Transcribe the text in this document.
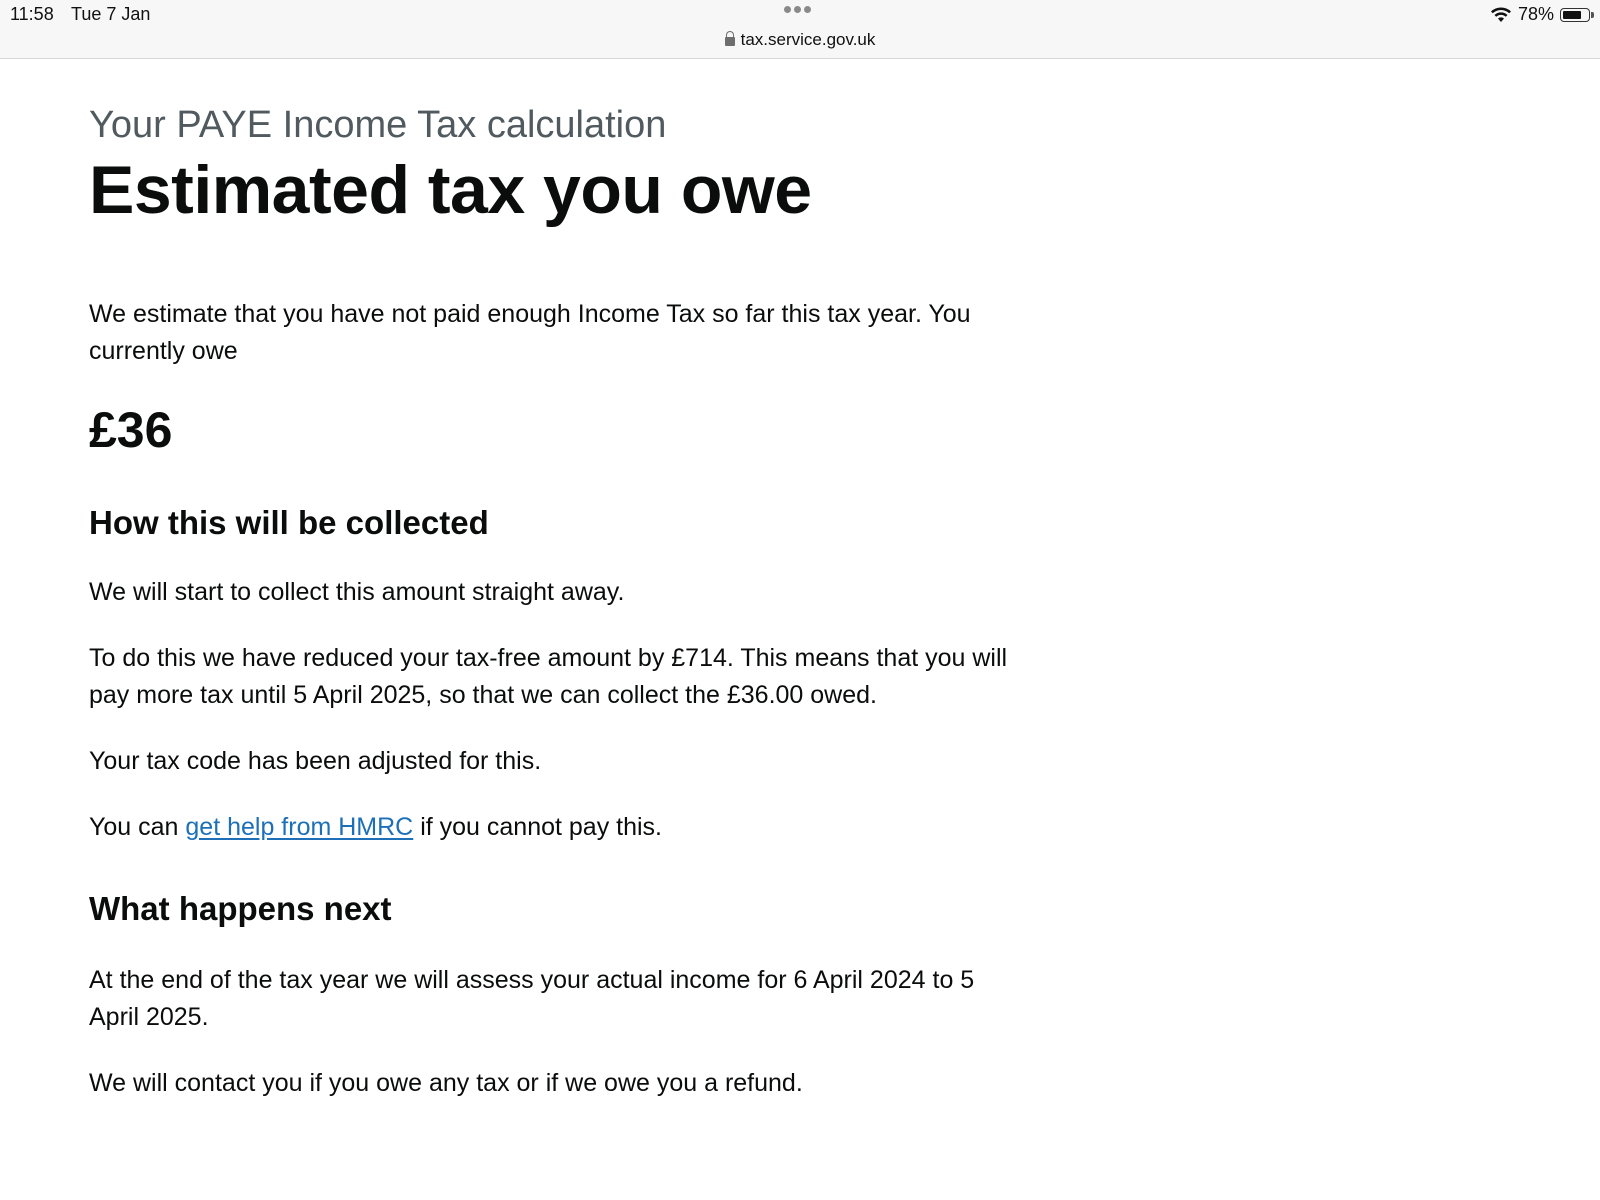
11:58 Tue 7 Jan
tax.service.gov.uk
78%

Your PAYE Income Tax calculation

Estimated tax you owe

We estimate that you have not paid enough Income Tax so far this tax year. You currently owe

£36

How this will be collected

We will start to collect this amount straight away.

To do this we have reduced your tax-free amount by £714. This means that you will pay more tax until 5 April 2025, so that we can collect the £36.00 owed.

Your tax code has been adjusted for this.

You can get help from HMRC if you cannot pay this.

What happens next

At the end of the tax year we will assess your actual income for 6 April 2024 to 5 April 2025.

We will contact you if you owe any tax or if we owe you a refund.
